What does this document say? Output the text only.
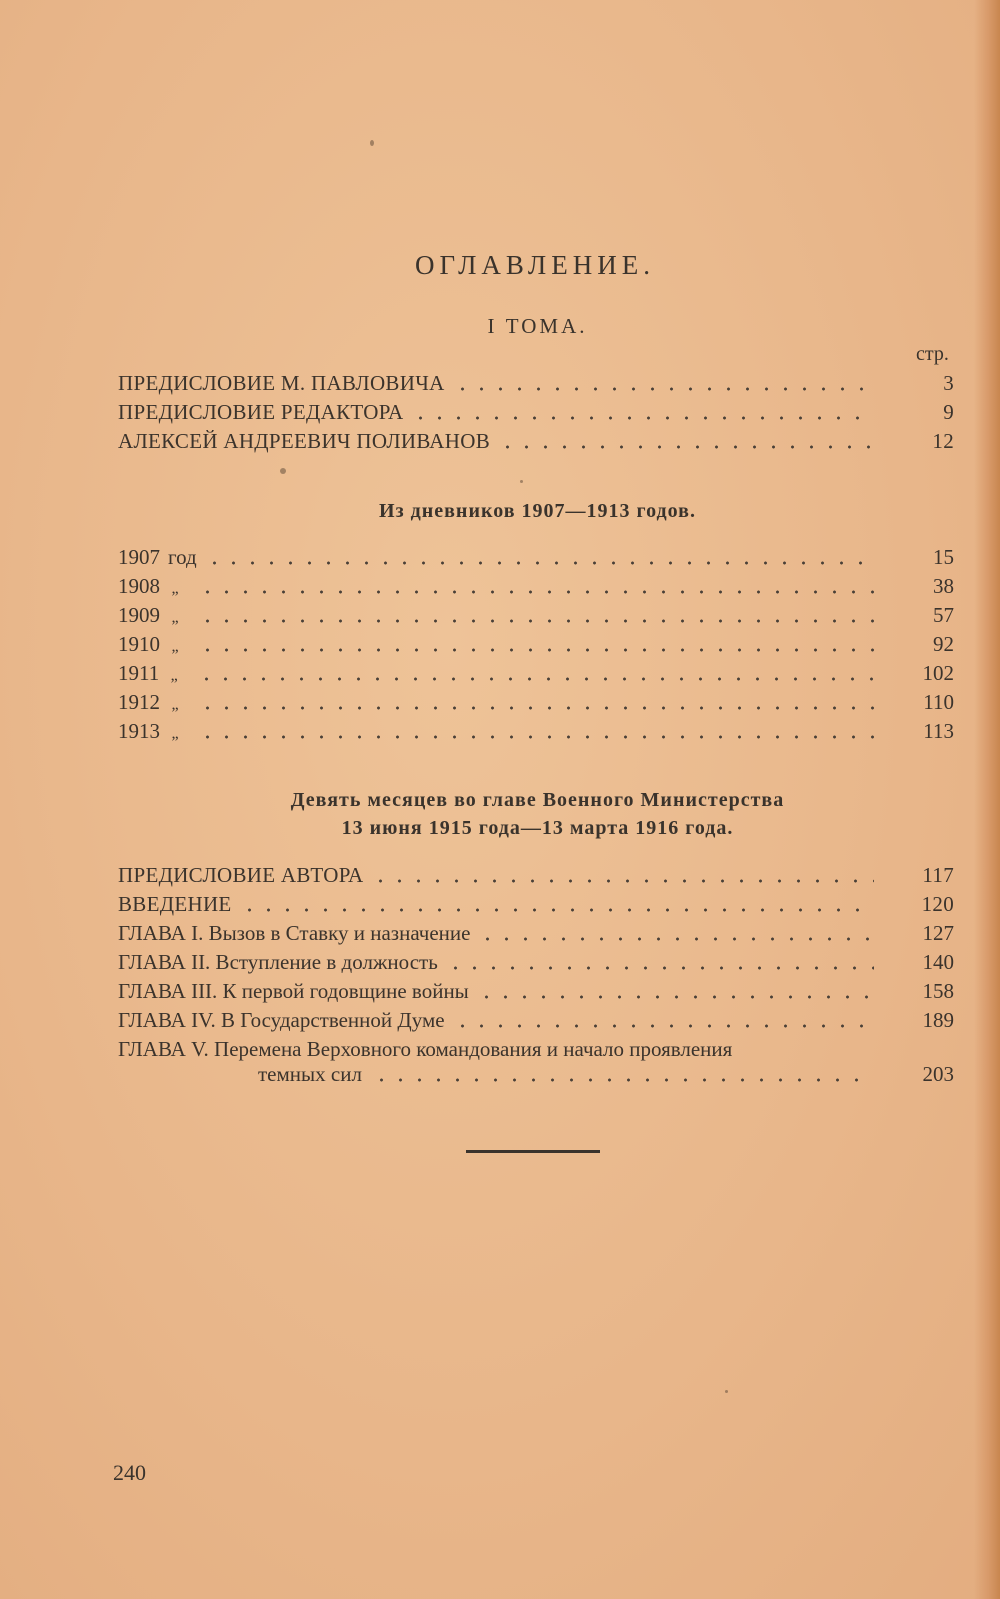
ОГЛАВЛЕНИЕ.
I ТОМА.
стр.
ПРЕДИСЛОВИЕ М. ПАВЛОВИЧА	3
ПРЕДИСЛОВИЕ РЕДАКТОРА	9
АЛЕКСЕЙ АНДРЕЕВИЧ ПОЛИВАНОВ	12
Из дневников 1907—1913 годов.
1907 год	15
1908 „	38
1909 „	57
1910 „	92
1911 „	102
1912 „	110
1913 „	113
Девять месяцев во главе Военного Министерства
13 июня 1915 года—13 марта 1916 года.
ПРЕДИСЛОВИЕ АВТОРА	117
ВВЕДЕНИЕ	120
ГЛАВА I. Вызов в Ставку и назначение	127
ГЛАВА II. Вступление в должность	140
ГЛАВА III. К первой годовщине войны	158
ГЛАВА IV. В Государственной Думе	189
ГЛАВА V. Перемена Верховного командования и начало проявления
темных сил	203
240
